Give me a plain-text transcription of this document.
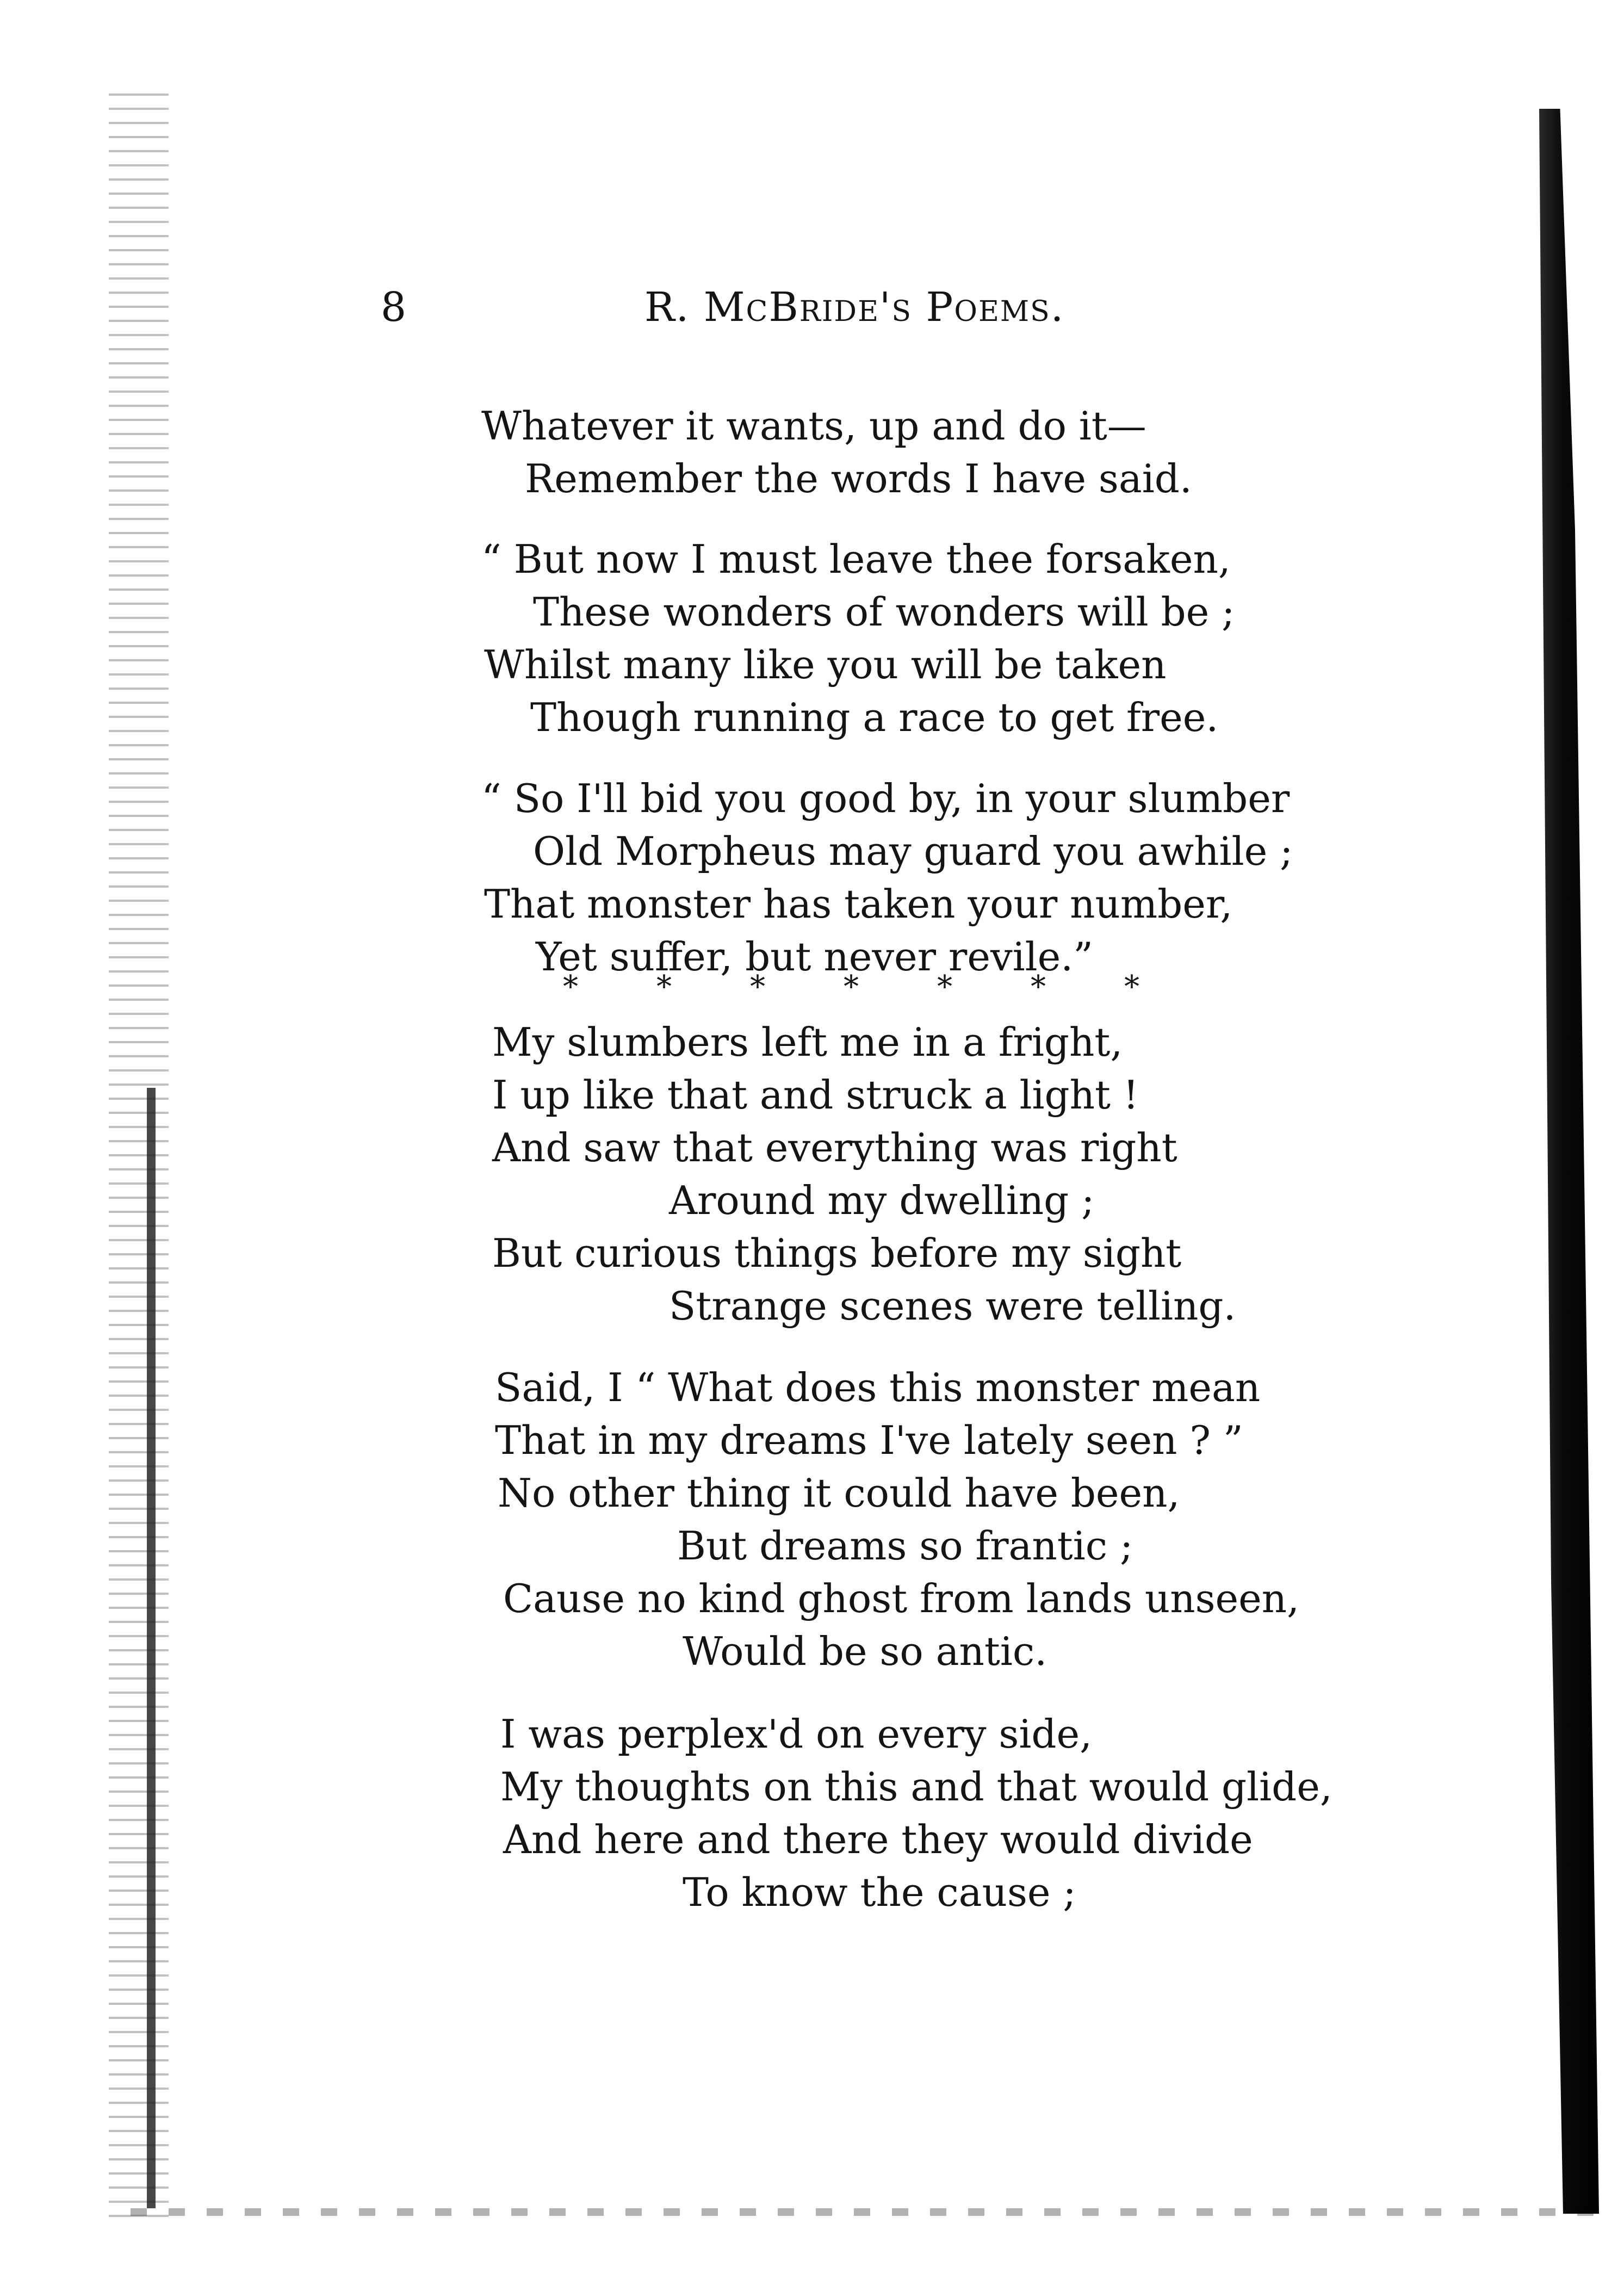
8	R. McBride's Poems.
Whatever it wants, up and do it—
Remember the words I have said.
“ But now I must leave thee forsaken,
These wonders of wonders will be ;
Whilst many like you will be taken
Though running a race to get free.
“ So I'll bid you good by, in your slumber
Old Morpheus may guard you awhile ;
That monster has taken your number,
Yet suffer, but never revile.”
*	*	*	*	*	*	*
My slumbers left me in a fright,
I up like that and struck a light !
And saw that everything was right
Around my dwelling ;
But curious things before my sight
Strange scenes were telling.
Said, I “ What does this monster mean
That in my dreams I've lately seen ? ”
No other thing it could have been,
But dreams so frantic ;
Cause no kind ghost from lands unseen,
Would be so antic.
I was perplex'd on every side,
My thoughts on this and that would glide,
And here and there they would divide
To know the cause ;
